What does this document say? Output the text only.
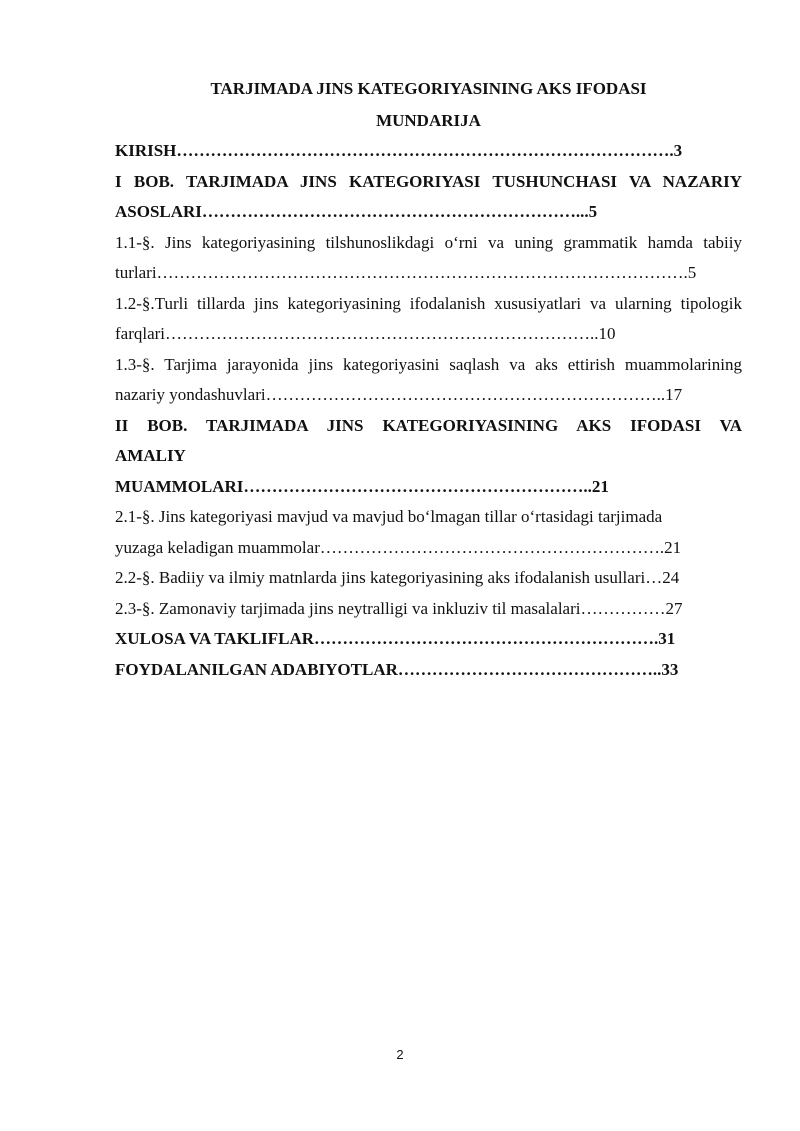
TARJIMADA JINS KATEGORIYASINING AKS IFODASI

MUNDARIJA

KIRISH…………………………………………………………………………….3

I BOB. TARJIMADA JINS KATEGORIYASI TUSHUNCHASI VA NAZARIY ASOSLARI…………………………………………………………...5

1.1-§. Jins kategoriyasining tilshunoslikdagi o‘rni va uning grammatik hamda tabiiy turlari………………………………………………………………………………….5

1.2-§.Turli tillarda jins kategoriyasining ifodalanish xususiyatlari va ularning tipologik farqlari…………………………………………………………………..10

1.3-§. Tarjima jarayonida jins kategoriyasini saqlash va aks ettirish muammolarining nazariy yondashuvlari……………………………………………………………..17

II BOB. TARJIMADA JINS KATEGORIYASINING AKS IFODASI VA

AMALIY

MUAMMOLARI……………………………………………………..21

2.1-§. Jins kategoriyasi mavjud va mavjud bo‘lmagan tillar o‘rtasidagi tarjimada

yuzaga keladigan muammolar…………………………………………………….21

2.2-§. Badiiy va ilmiy matnlarda jins kategoriyasining aks ifodalanish usullari…24

2.3-§. Zamonaviy tarjimada jins neytralligi va inkluziv til masalalari……………27

XULOSA VA TAKLIFLAR…………………………………………………….31

FOYDALANILGAN ADABIYOTLAR………………………………………..33

2
